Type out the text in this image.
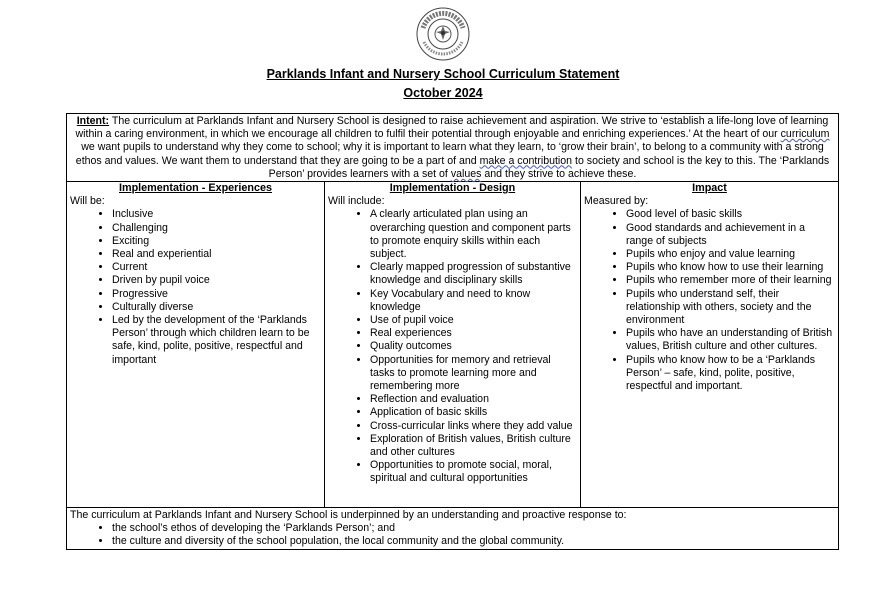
Parklands Infant and Nursery School Curriculum Statement
October 2024
Intent: The curriculum at Parklands Infant and Nursery School is designed to raise achievement and aspiration. We strive to ‘establish a life-long love of learning within a caring environment, in which we encourage all children to fulfil their potential through enjoyable and enriching experiences.’ At the heart of our curriculum we want pupils to understand why they come to school; why it is important to learn what they learn, to ‘grow their brain’, to belong to a community with a strong ethos and values. We want them to understand that they are going to be a part of and make a contribution to society and school is the key to this. The ‘Parklands Person’ provides learners with a set of values and they strive to achieve these.

Implementation - Experiences
Will be:
• Inclusive
• Challenging
• Exciting
• Real and experiential
• Current
• Driven by pupil voice
• Progressive
• Culturally diverse
• Led by the development of the ‘Parklands Person’ through which children learn to be safe, kind, polite, positive, respectful and important

Implementation - Design
Will include:
• A clearly articulated plan using an overarching question and component parts to promote enquiry skills within each subject.
• Clearly mapped progression of substantive knowledge and disciplinary skills
• Key Vocabulary and need to know knowledge
• Use of pupil voice
• Real experiences
• Quality outcomes
• Opportunities for memory and retrieval tasks to promote learning more and remembering more
• Reflection and evaluation
• Application of basic skills
• Cross-curricular links where they add value
• Exploration of British values, British culture and other cultures
• Opportunities to promote social, moral, spiritual and cultural opportunities

Impact
Measured by:
• Good level of basic skills
• Good standards and achievement in a range of subjects
• Pupils who enjoy and value learning
• Pupils who know how to use their learning
• Pupils who remember more of their learning
• Pupils who understand self, their relationship with others, society and the environment
• Pupils who have an understanding of British values, British culture and other cultures.
• Pupils who know how to be a ‘Parklands Person’ – safe, kind, polite, positive, respectful and important.

The curriculum at Parklands Infant and Nursery School is underpinned by an understanding and proactive response to:
• the school’s ethos of developing the ‘Parklands Person’; and
• the culture and diversity of the school population, the local community and the global community.
